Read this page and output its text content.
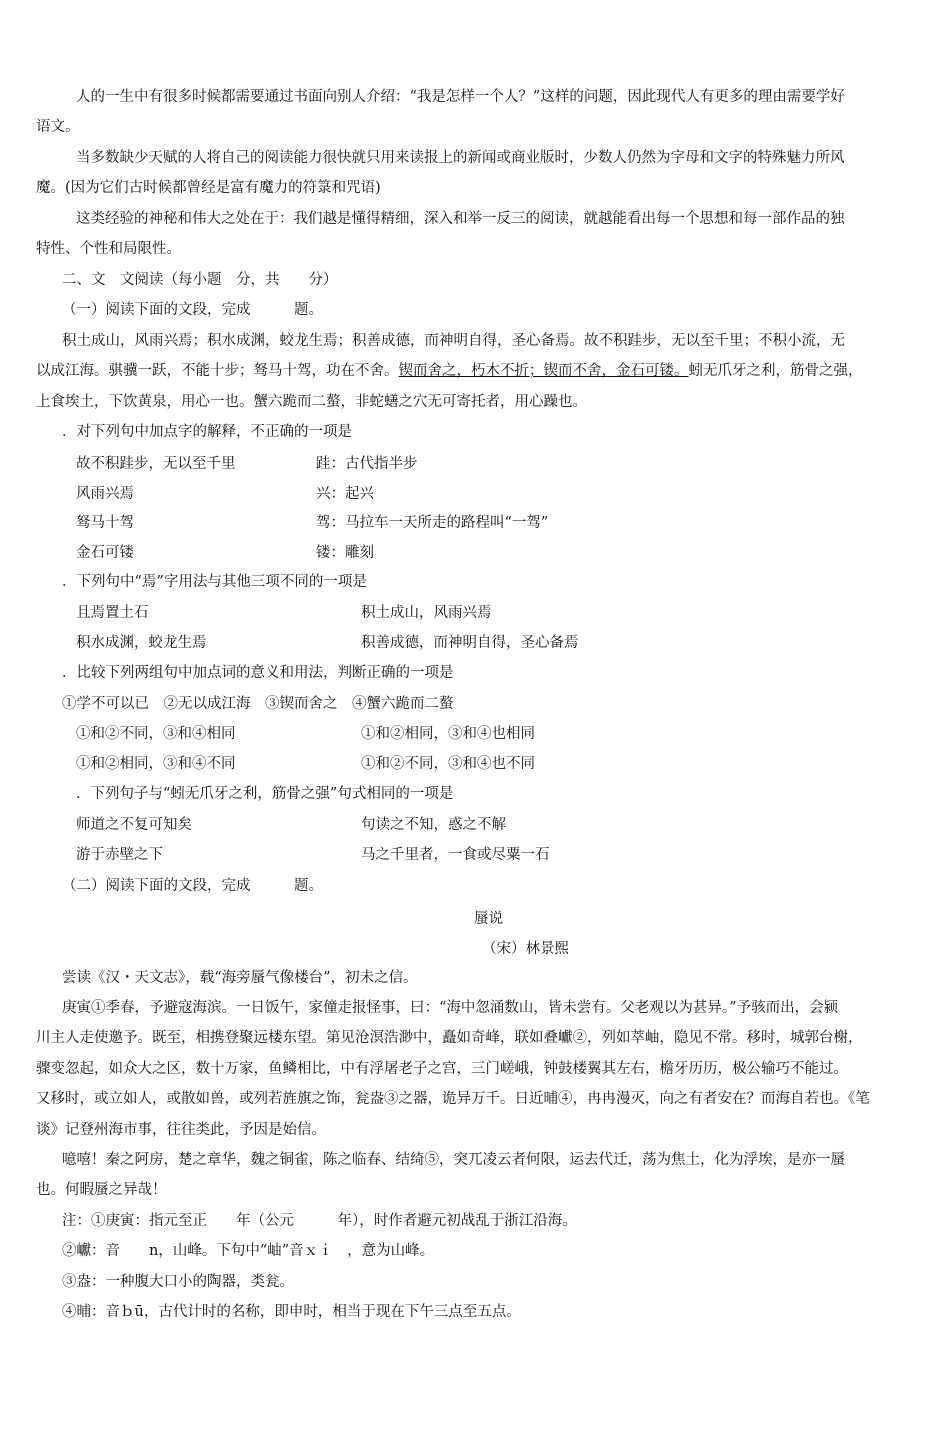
人的一生中有很多时候都需要通过书面向别人介绍：“我是怎样一个人？”这样的问题，因此现代人有更多的理由需要学好
语文。
当多数缺少天赋的人将自己的阅读能力很快就只用来读报上的新闻或商业版时，少数人仍然为字母和文字的特殊魅力所风
魔。(因为它们古时候都曾经是富有魔力的符箓和咒语)
这类经验的神秘和伟大之处在于：我们越是懂得精细，深入和举一反三的阅读，就越能看出每一个思想和每一部作品的独
特性、个性和局限性。
二、文　文阅读（每小题　分，共　　分）
（一）阅读下面的文段，完成　　　题。
积土成山，风雨兴焉；积水成渊，蛟龙生焉；积善成德，而神明自得，圣心备焉。故不积跬步，无以至千里；不积小流，无
以成江海。骐骥一跃，不能十步；驽马十驾，功在不舍。锲而舍之，朽木不折；锲而不舍，金石可镂。蚓无爪牙之利，筋骨之强，
上食埃土，下饮黄泉，用心一也。蟹六跪而二螯，非蛇蟮之穴无可寄托者，用心躁也。
．对下列句中加点字的解释，不正确的一项是
故不积跬步，无以至千里	跬：古代指半步
风雨兴焉	兴：起兴
驽马十驾	驾：马拉车一天所走的路程叫“一驾”
金石可镂	镂：雕刻
．下列句中“焉”字用法与其他三项不同的一项是
且焉置土石	积土成山，风雨兴焉
积水成渊，蛟龙生焉	积善成德，而神明自得，圣心备焉
．比较下列两组句中加点词的意义和用法，判断正确的一项是
①学不可以已　②无以成江海　③锲而舍之　④蟹六跪而二螯
①和②不同，③和④相同	①和②相同，③和④也相同
①和②相同，③和④不同	①和②不同，③和④也不同
．下列句子与“蚓无爪牙之利，筋骨之强”句式相同的一项是
师道之不复可知矣	句读之不知，惑之不解
游于赤壁之下	马之千里者，一食或尽粟一石
（二）阅读下面的文段，完成　　　题。
蜃说
（宋）林景熙
尝读《汉・天文志》，载“海旁蜃气像楼台”，初未之信。
庚寅①季春，予避寇海滨。一日饭午，家僮走报怪事，曰：“海中忽涌数山，皆未尝有。父老观以为甚异。”予骇而出，会颍
川主人走使邀予。既至，相携登聚远楼东望。第见沧溟浩渺中，矗如奇峰，联如叠巘②，列如萃岫，隐见不常。移时，城郭台榭，
骤变忽起，如众大之区，数十万家，鱼鳞相比，中有浮屠老子之宫，三门嵯峨，钟鼓楼翼其左右，檐牙历历，极公输巧不能过。
又移时，或立如人，或散如兽，或列若旌旗之饰，瓮盎③之器，诡异万千。日近晡④，冉冉漫灭，向之有者安在？而海自若也。《笔
谈》记登州海市事，往往类此，予因是始信。
噫嘻！秦之阿房，楚之章华，魏之铜雀，陈之临春、结绮⑤，突兀凌云者何限，运去代迁，荡为焦土，化为浮埃，是亦一蜃
也。何暇蜃之异哉！
注：①庚寅：指元至正　　年（公元　　　年），时作者避元初战乱于浙江沿海。
②巘：音　　n，山峰。下句中“岫”音ｘｉ　，意为山峰。
③盎：一种腹大口小的陶器，类瓮。
④晡：音ｂū，古代计时的名称，即申时，相当于现在下午三点至五点。
